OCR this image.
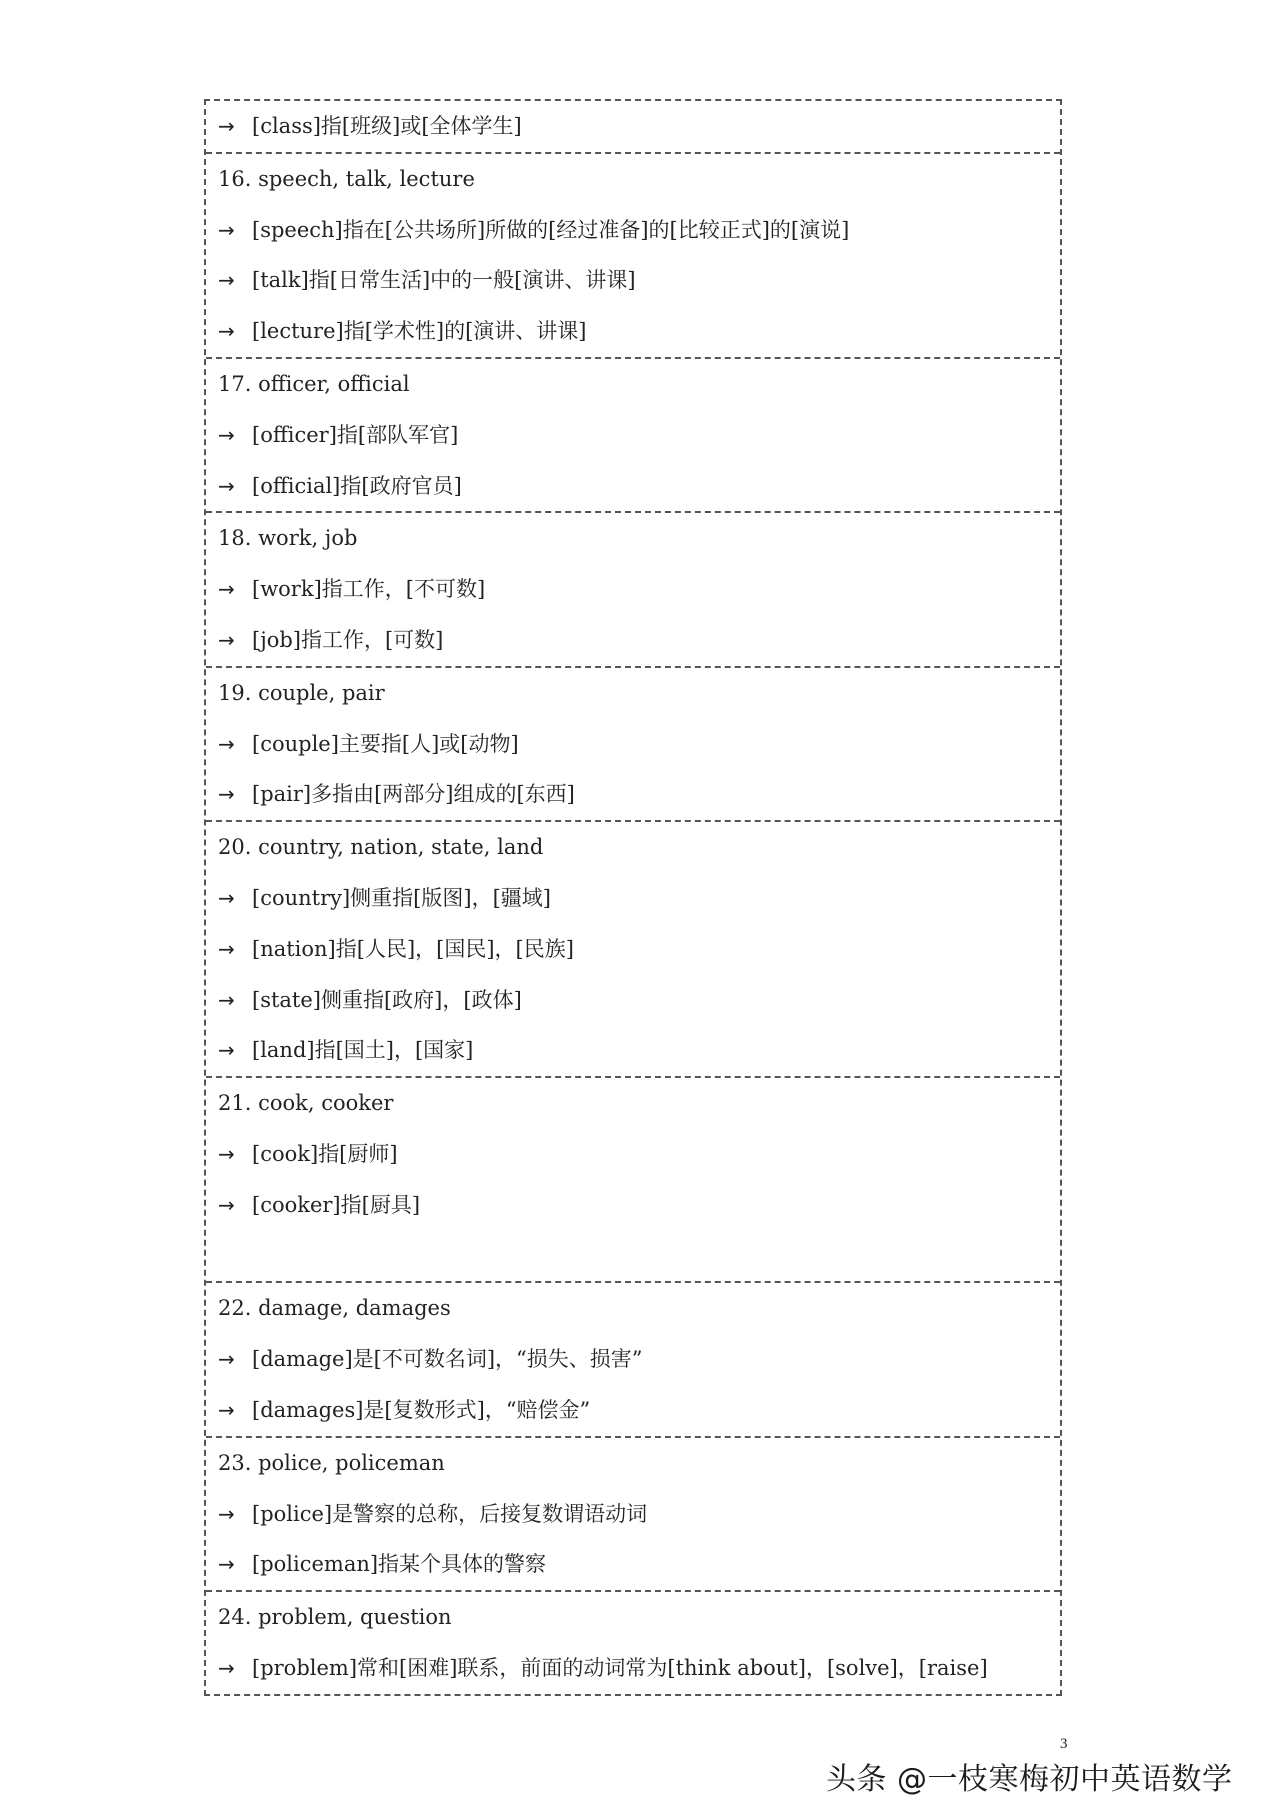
→ [class]指[班级]或[全体学生]
16. speech, talk, lecture
→ [speech]指在[公共场所]所做的[经过准备]的[比较正式]的[演说]
→ [talk]指[日常生活]中的一般[演讲、讲课]
→ [lecture]指[学术性]的[演讲、讲课]
17. officer, official
→ [officer]指[部队军官]
→ [official]指[政府官员]
18. work, job
→ [work]指工作，[不可数]
→ [job]指工作，[可数]
19. couple, pair
→ [couple]主要指[人]或[动物]
→ [pair]多指由[两部分]组成的[东西]
20. country, nation, state, land
→ [country]侧重指[版图]，[疆域]
→ [nation]指[人民]，[国民]，[民族]
→ [state]侧重指[政府]，[政体]
→ [land]指[国土]，[国家]
21. cook, cooker
→ [cook]指[厨师]
→ [cooker]指[厨具]
22. damage, damages
→ [damage]是[不可数名词]，“损失、损害”
→ [damages]是[复数形式]，“赔偿金”
23. police, policeman
→ [police]是警察的总称，后接复数谓语动词
→ [policeman]指某个具体的警察
24. problem, question
→ [problem]常和[困难]联系，前面的动词常为[think about]，[solve]，[raise]
3
头条 @一枝寒梅初中英语数学
